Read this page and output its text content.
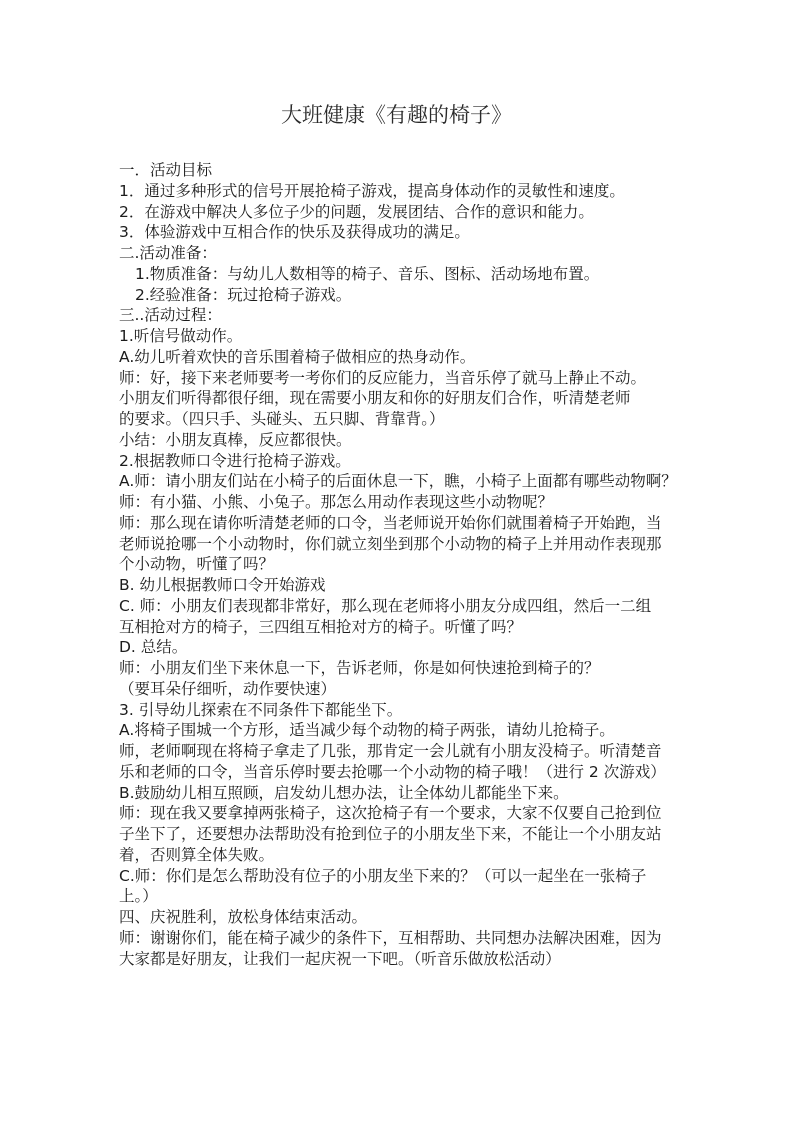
大班健康《有趣的椅子》
一．活动目标
1．通过多种形式的信号开展抢椅子游戏，提高身体动作的灵敏性和速度。
2．在游戏中解决人多位子少的问题，发展团结、合作的意识和能力。
3．体验游戏中互相合作的快乐及获得成功的满足。
二.活动准备：
1.物质准备：与幼儿人数相等的椅子、音乐、图标、活动场地布置。
2.经验准备：玩过抢椅子游戏。
三..活动过程：
1.听信号做动作。
A.幼儿听着欢快的音乐围着椅子做相应的热身动作。
师：好，接下来老师要考一考你们的反应能力，当音乐停了就马上静止不动。
小朋友们听得都很仔细，现在需要小朋友和你的好朋友们合作，听清楚老师
的要求。（四只手、头碰头、五只脚、背靠背。）
小结：小朋友真棒，反应都很快。
2.根据教师口令进行抢椅子游戏。
A.师：请小朋友们站在小椅子的后面休息一下，瞧，小椅子上面都有哪些动物啊？
师：有小猫、小熊、小兔子。那怎么用动作表现这些小动物呢？
师：那么现在请你听清楚老师的口令，当老师说开始你们就围着椅子开始跑，当
老师说抢哪一个小动物时，你们就立刻坐到那个小动物的椅子上并用动作表现那
个小动物，听懂了吗？
B. 幼儿根据教师口令开始游戏
C. 师：小朋友们表现都非常好，那么现在老师将小朋友分成四组，然后一二组
互相抢对方的椅子，三四组互相抢对方的椅子。听懂了吗？
D. 总结。
师：小朋友们坐下来休息一下，告诉老师，你是如何快速抢到椅子的？
（要耳朵仔细听，动作要快速）
3. 引导幼儿探索在不同条件下都能坐下。
A.将椅子围城一个方形，适当减少每个动物的椅子两张，请幼儿抢椅子。
师，老师啊现在将椅子拿走了几张，那肯定一会儿就有小朋友没椅子。听清楚音
乐和老师的口令，当音乐停时要去抢哪一个小动物的椅子哦！（进行 2 次游戏）
B.鼓励幼儿相互照顾，启发幼儿想办法，让全体幼儿都能坐下来。
师：现在我又要拿掉两张椅子，这次抢椅子有一个要求，大家不仅要自己抢到位
子坐下了，还要想办法帮助没有抢到位子的小朋友坐下来，不能让一个小朋友站
着，否则算全体失败。
C.师：你们是怎么帮助没有位子的小朋友坐下来的？（可以一起坐在一张椅子
上。）
四、庆祝胜利，放松身体结束活动。
师：谢谢你们，能在椅子减少的条件下，互相帮助、共同想办法解决困难，因为
大家都是好朋友，让我们一起庆祝一下吧。（听音乐做放松活动）
